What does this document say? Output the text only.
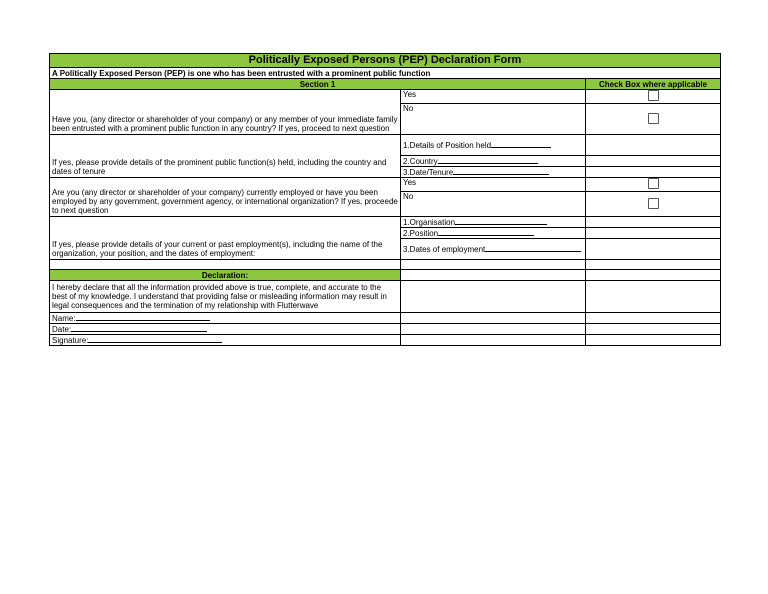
Politically Exposed Persons (PEP) Declaration Form		
A Politically Exposed Person (PEP) is one who has been entrusted with a prominent public function		
Section 1		Check Box where applicable
Have you, (any director or shareholder of your company) or any member of your immediate family been entrusted with a prominent public function in any country? If yes, proceed to next question	Yes	
	No	
If yes, please provide details of the prominent public function(s) held, including the country and dates of tenure	1.Details of Position held	
	2.Country	
	3.Date/Tenure	
Are you (any director or shareholder of your company) currently employed or have you been employed by any government, government agency, or international organization? If yes, proceede to next question	Yes	
	No	
If yes, please provide details of your current or past employment(s), including the name of the organization, your position, and the dates of employment:	1.Organisation	
	2.Position	
	3.Dates of employment	

Declaration:		
I hereby declare that all the information provided above is true, complete, and accurate to the best of my knowledge. I understand that providing false or misleading information may result in legal consequences and the termination of my relationship with Flutterwave		
Name:		
Date:		
Signature:		
